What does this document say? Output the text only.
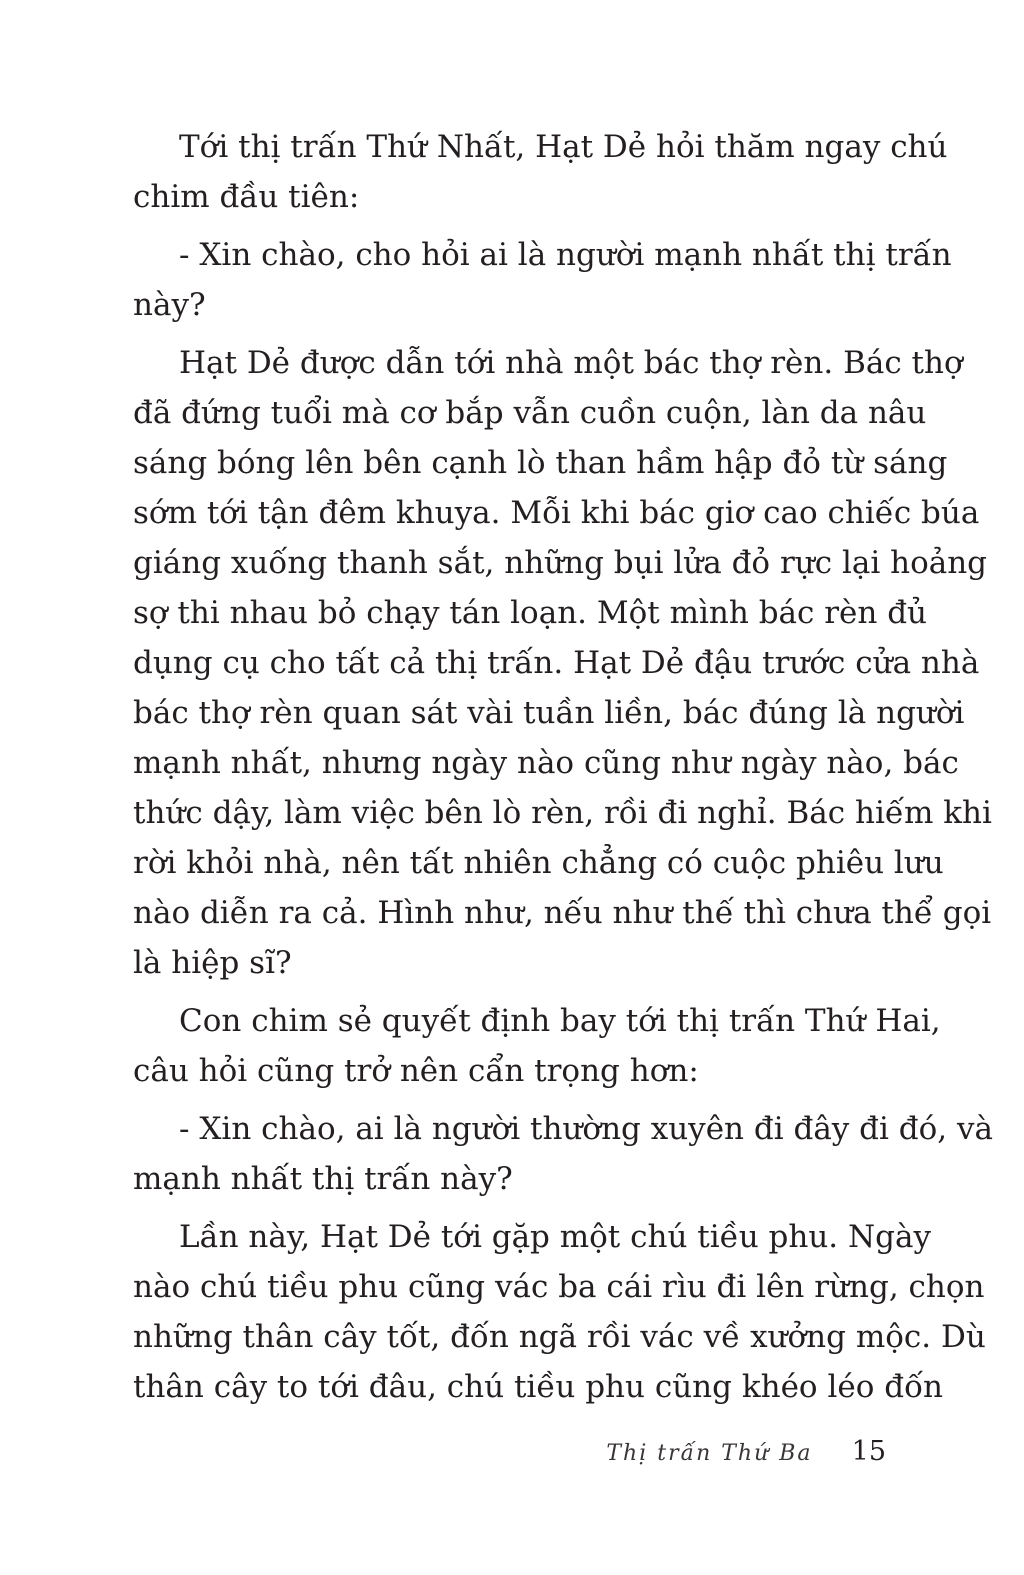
Tới thị trấn Thứ Nhất, Hạt Dẻ hỏi thăm ngay chú
chim đầu tiên:

- Xin chào, cho hỏi ai là người mạnh nhất thị trấn
này?

Hạt Dẻ được dẫn tới nhà một bác thợ rèn. Bác thợ
đã đứng tuổi mà cơ bắp vẫn cuồn cuộn, làn da nâu
sáng bóng lên bên cạnh lò than hầm hập đỏ từ sáng
sớm tới tận đêm khuya. Mỗi khi bác giơ cao chiếc búa
giáng xuống thanh sắt, những bụi lửa đỏ rực lại hoảng
sợ thi nhau bỏ chạy tán loạn. Một mình bác rèn đủ
dụng cụ cho tất cả thị trấn. Hạt Dẻ đậu trước cửa nhà
bác thợ rèn quan sát vài tuần liền, bác đúng là người
mạnh nhất, nhưng ngày nào cũng như ngày nào, bác
thức dậy, làm việc bên lò rèn, rồi đi nghỉ. Bác hiếm khi
rời khỏi nhà, nên tất nhiên chẳng có cuộc phiêu lưu
nào diễn ra cả. Hình như, nếu như thế thì chưa thể gọi
là hiệp sĩ?

Con chim sẻ quyết định bay tới thị trấn Thứ Hai,
câu hỏi cũng trở nên cẩn trọng hơn:

- Xin chào, ai là người thường xuyên đi đây đi đó, và
mạnh nhất thị trấn này?

Lần này, Hạt Dẻ tới gặp một chú tiều phu. Ngày
nào chú tiều phu cũng vác ba cái rìu đi lên rừng, chọn
những thân cây tốt, đốn ngã rồi vác về xưởng mộc. Dù
thân cây to tới đâu, chú tiều phu cũng khéo léo đốn

Thị trấn Thứ Ba 15
